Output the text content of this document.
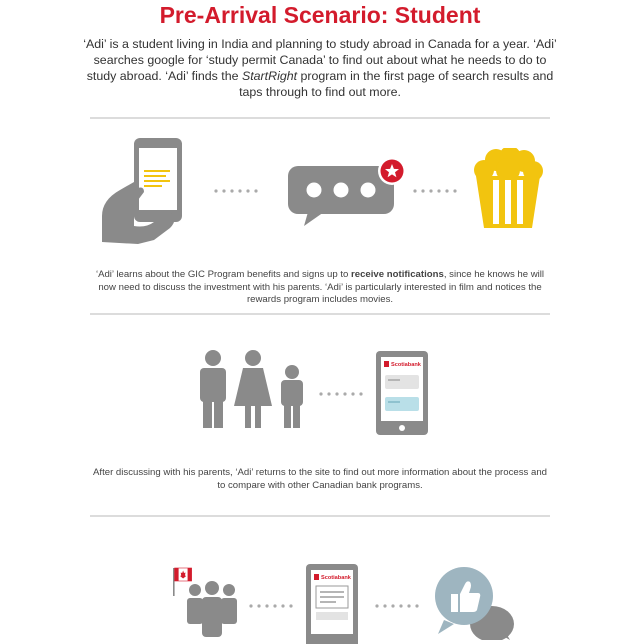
Pre-Arrival Scenario: Student

‘Adi’ is a student living in India and planning to study abroad in Canada for a year. ‘Adi’ searches google for ‘study permit Canada’ to find out about what he needs to do to study abroad. ‘Adi’ finds the StartRight program in the first page of search results and taps through to find out more.

‘Adi’ learns about the GIC Program benefits and signs up to receive notifications, since he knows he will now need to discuss the investment with his parents. ‘Adi’ is particularly interested in film and notices the rewards program includes movies.

Scotiabank

After discussing with his parents, ‘Adi’ returns to the site to find out more information about the process and to compare with other Canadian bank programs.

Scotiabank
